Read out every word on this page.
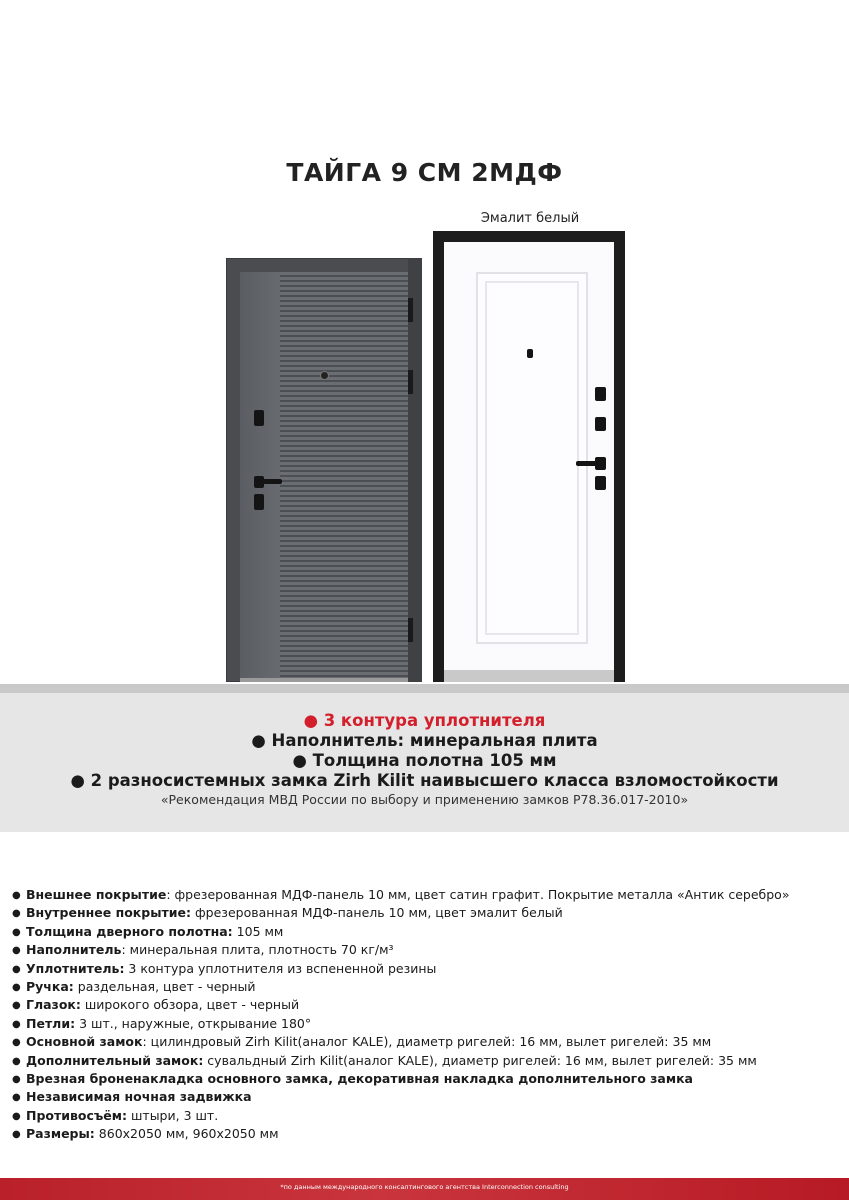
ТАЙГА 9 СМ 2МДФ
Эмалит белый
● 3 контура уплотнителя
● Наполнитель: минеральная плита
● Толщина полотна 105 мм
● 2 разносистемных замка Zirh Kilit наивысшего класса взломостойкости
«Рекомендация МВД России по выбору и применению замков Р78.36.017-2010»
● Внешнее покрытие: фрезерованная МДФ-панель 10 мм, цвет сатин графит. Покрытие металла «Антик серебро»
● Внутреннее покрытие: фрезерованная МДФ-панель 10 мм, цвет эмалит белый
● Толщина дверного полотна: 105 мм
● Наполнитель: минеральная плита, плотность 70 кг/м³
● Уплотнитель: 3 контура уплотнителя из вспененной резины
● Ручка: раздельная, цвет - черный
● Глазок: широкого обзора, цвет - черный
● Петли: 3 шт., наружные, открывание 180°
● Основной замок: цилиндровый Zirh Kilit(аналог KALE), диаметр ригелей: 16 мм, вылет ригелей: 35 мм
● Дополнительный замок: сувальдный Zirh Kilit(аналог KALE), диаметр ригелей: 16 мм, вылет ригелей: 35 мм
● Врезная броненакладка основного замка, декоративная накладка дополнительного замка
● Независимая ночная задвижка
● Противосъём: штыри, 3 шт.
● Размеры: 860x2050 мм, 960x2050 мм
*по данным международного консалтингового агентства Interconnection consulting
